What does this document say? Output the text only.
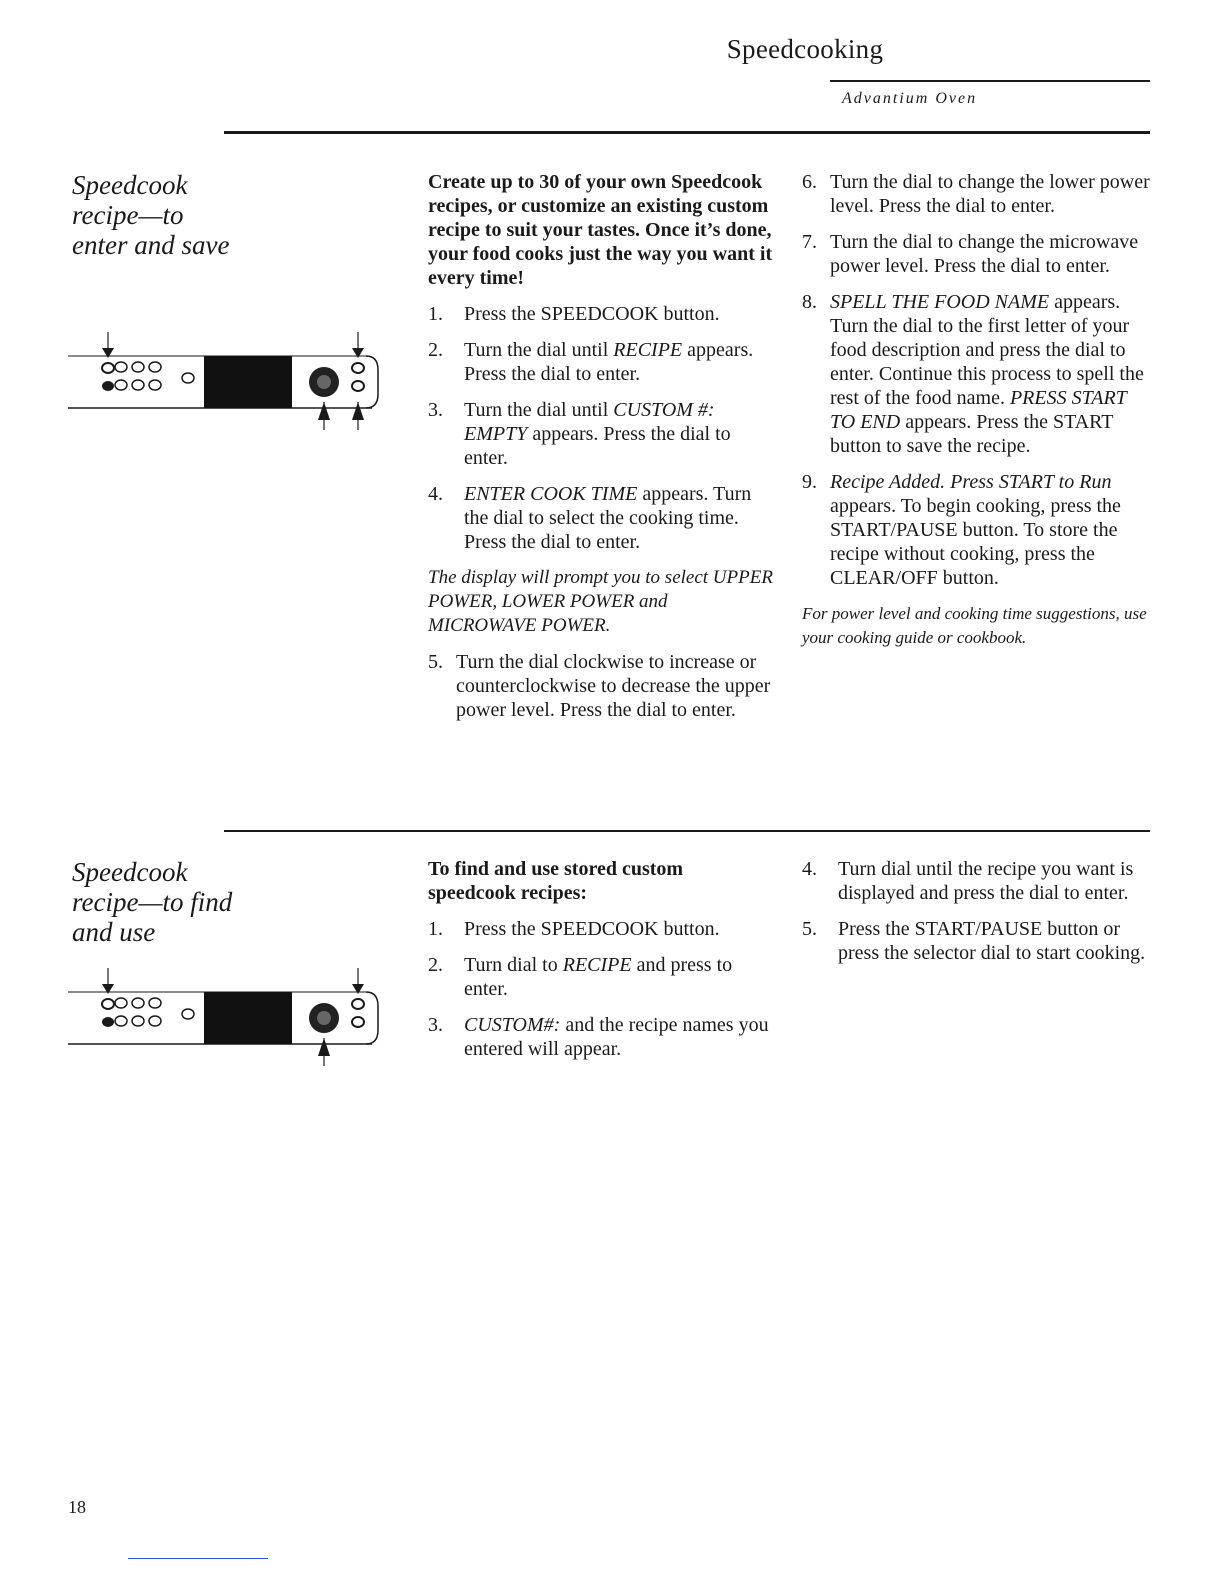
Speedcooking
Advantium Oven
Speedcook recipe—to enter and save

Create up to 30 of your own Speedcook recipes, or customize an existing custom recipe to suit your tastes. Once it’s done, your food cooks just the way you want it every time!

1. Press the SPEEDCOOK button.
2. Turn the dial until RECIPE appears. Press the dial to enter.
3. Turn the dial until CUSTOM #: EMPTY appears. Press the dial to enter.
4. ENTER COOK TIME appears. Turn the dial to select the cooking time. Press the dial to enter.

The display will prompt you to select UPPER POWER, LOWER POWER and MICROWAVE POWER.

5. Turn the dial clockwise to increase or counterclockwise to decrease the upper power level. Press the dial to enter.
6. Turn the dial to change the lower power level. Press the dial to enter.
7. Turn the dial to change the microwave power level. Press the dial to enter.
8. SPELL THE FOOD NAME appears. Turn the dial to the first letter of your food description and press the dial to enter. Continue this process to spell the rest of the food name. PRESS START TO END appears. Press the START button to save the recipe.
9. Recipe Added. Press START to Run appears. To begin cooking, press the START/PAUSE button. To store the recipe without cooking, press the CLEAR/OFF button.

For power level and cooking time suggestions, use your cooking guide or cookbook.

Speedcook recipe—to find and use

To find and use stored custom speedcook recipes:

1. Press the SPEEDCOOK button.
2. Turn dial to RECIPE and press to enter.
3. CUSTOM#: and the recipe names you entered will appear.
4. Turn dial until the recipe you want is displayed and press the dial to enter.
5. Press the START/PAUSE button or press the selector dial to start cooking.
18
